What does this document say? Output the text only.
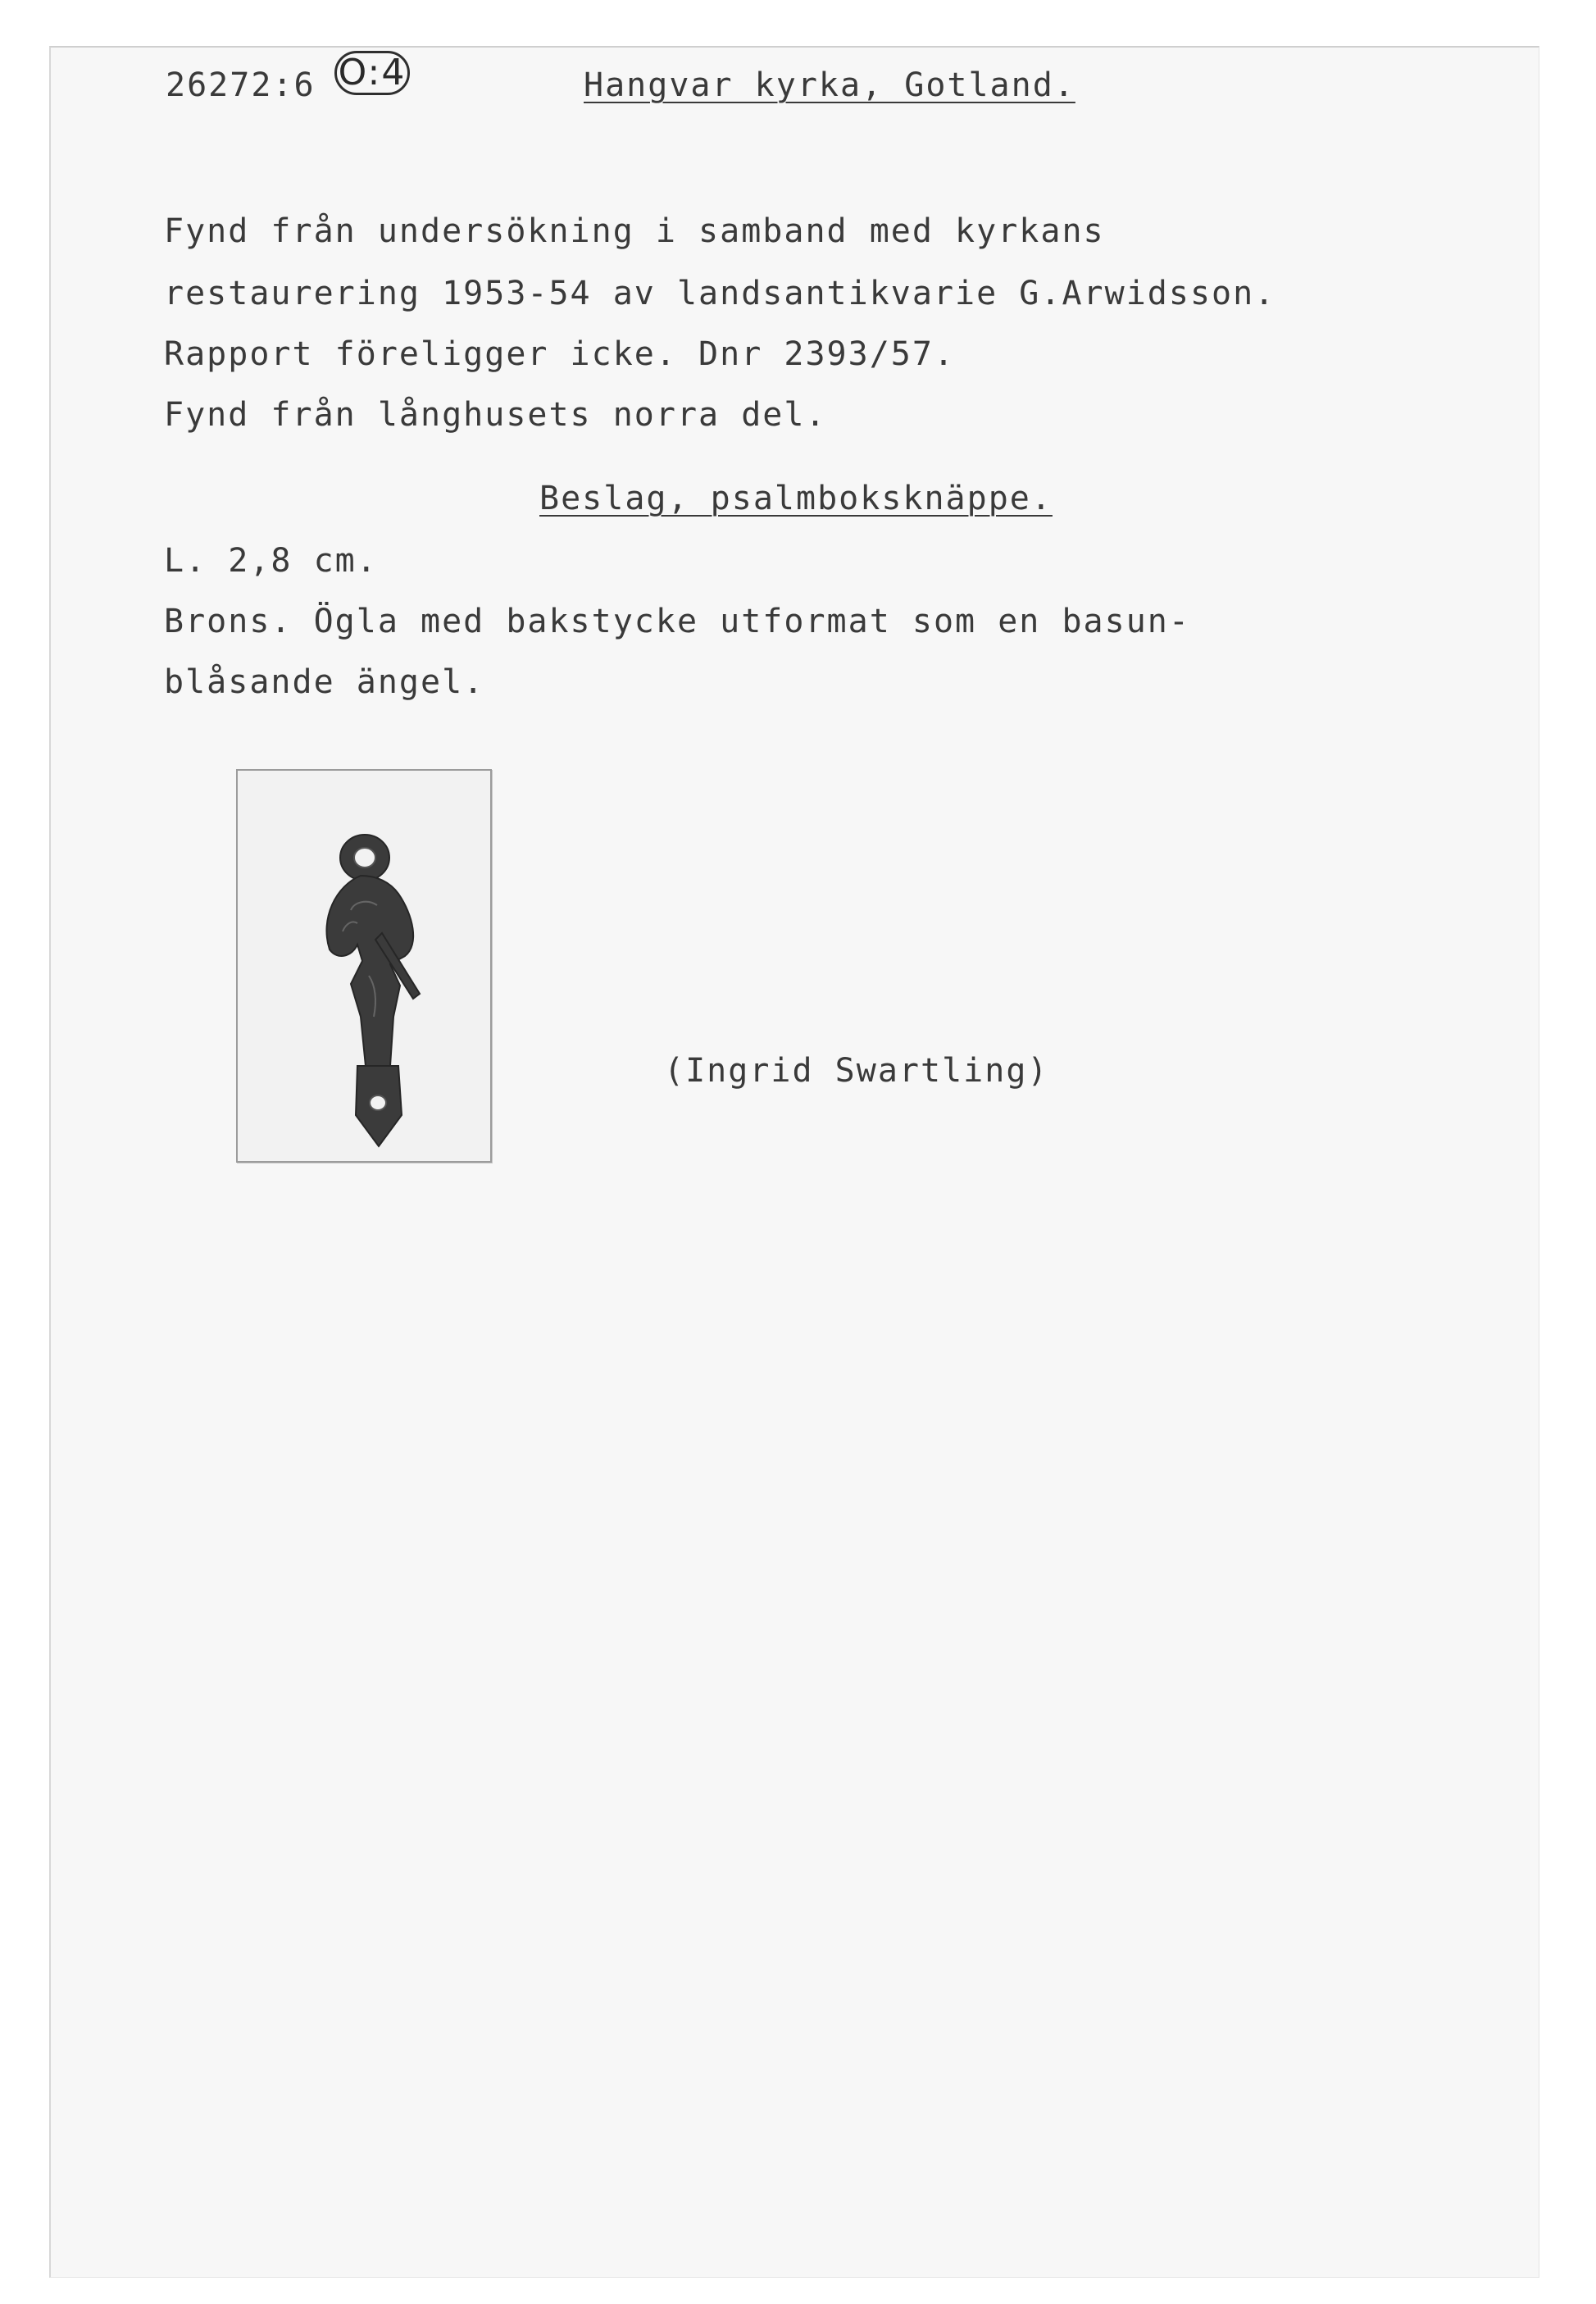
26272:6 O:4	Hangvar kyrka, Gotland.
Fynd från undersökning i samband med kyrkans
restaurering 1953-54 av landsantikvarie G.Arwidsson.
Rapport föreligger icke. Dnr 2393/57.
Fynd från långhusets norra del.
Beslag, psalmboksknäppe.
L. 2,8 cm.
Brons. Ögla med bakstycke utformat som en basun-
blåsande ängel.
(Ingrid Swartling)
